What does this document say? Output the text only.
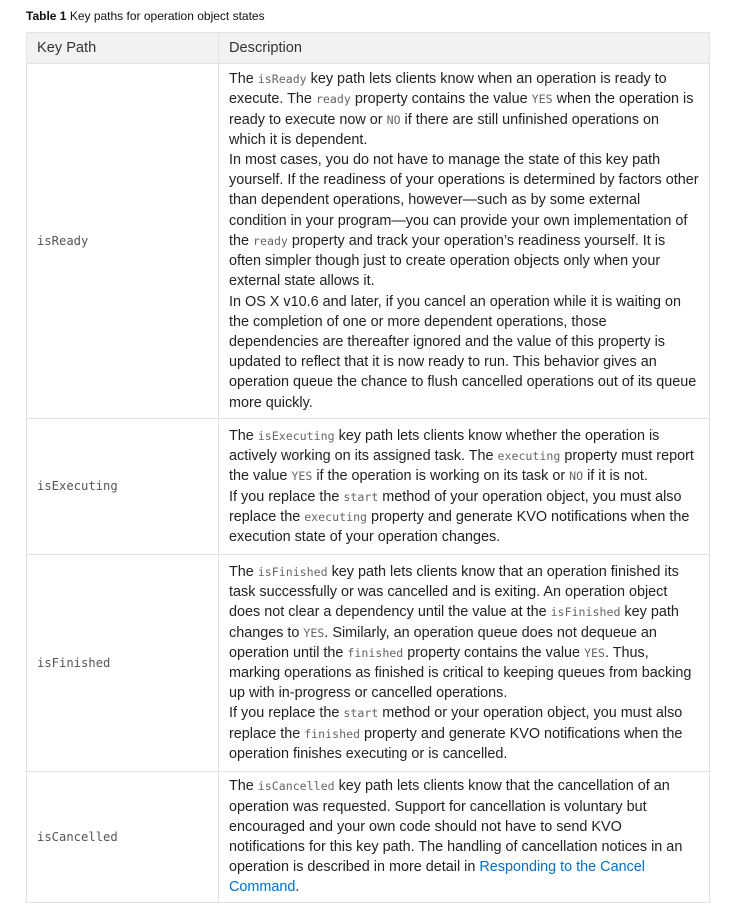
Table 1 Key paths for operation object states
Key Path	Description
isReady	The isReady key path lets clients know when an operation is ready to execute. The ready property contains the value YES when the operation is ready to execute now or NO if there are still unfinished operations on which it is dependent.

In most cases, you do not have to manage the state of this key path yourself. If the readiness of your operations is determined by factors other than dependent operations, however—such as by some external condition in your program—you can provide your own implementation of the ready property and track your operation’s readiness yourself. It is often simpler though just to create operation objects only when your external state allows it.

In OS X v10.6 and later, if you cancel an operation while it is waiting on the completion of one or more dependent operations, those dependencies are thereafter ignored and the value of this property is updated to reflect that it is now ready to run. This behavior gives an operation queue the chance to flush cancelled operations out of its queue more quickly.

isExecuting	The isExecuting key path lets clients know whether the operation is actively working on its assigned task. The executing property must report the value YES if the operation is working on its task or NO if it is not.

If you replace the start method of your operation object, you must also replace the executing property and generate KVO notifications when the execution state of your operation changes.

isFinished	The isFinished key path lets clients know that an operation finished its task successfully or was cancelled and is exiting. An operation object does not clear a dependency until the value at the isFinished key path changes to YES. Similarly, an operation queue does not dequeue an operation until the finished property contains the value YES. Thus, marking operations as finished is critical to keeping queues from backing up with in-progress or cancelled operations.

If you replace the start method or your operation object, you must also replace the finished property and generate KVO notifications when the operation finishes executing or is cancelled.

isCancelled	The isCancelled key path lets clients know that the cancellation of an operation was requested. Support for cancellation is voluntary but encouraged and your own code should not have to send KVO notifications for this key path. The handling of cancellation notices in an operation is described in more detail in Responding to the Cancel Command.
